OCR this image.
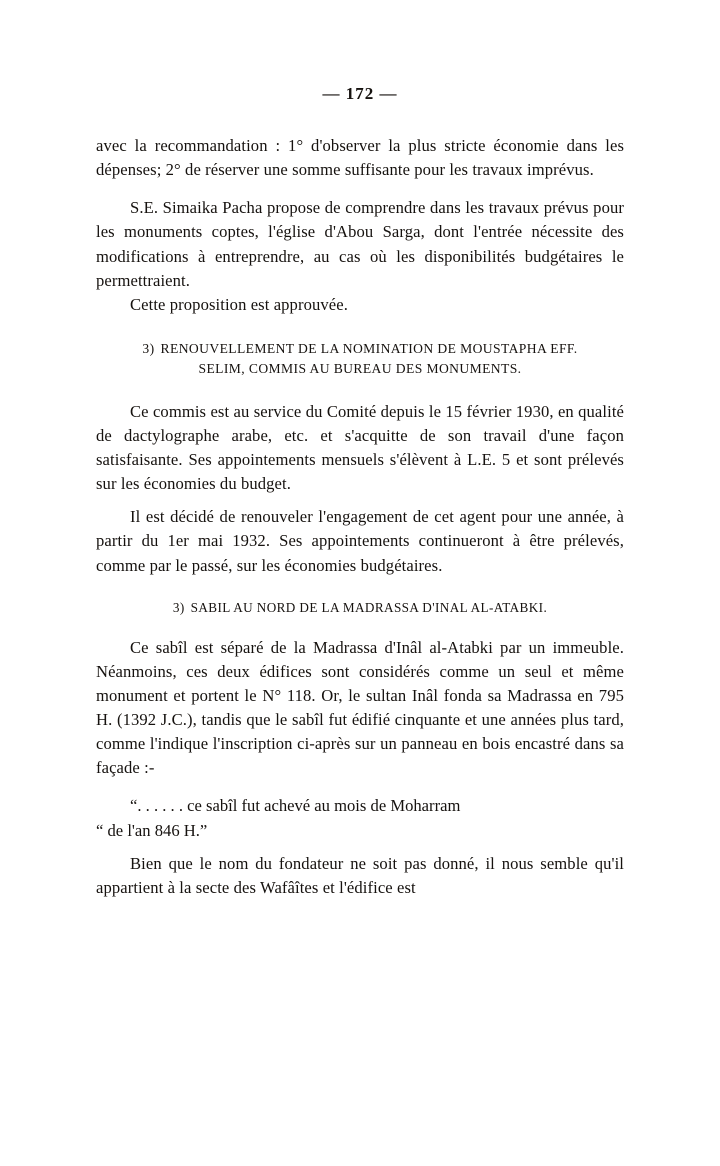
— 172 —

avec la recommandation : 1° d'observer la plus stricte économie dans les dépenses; 2° de réserver une somme suffisante pour les travaux imprévus.

S.E. Simaika Pacha propose de comprendre dans les travaux prévus pour les monuments coptes, l'église d'Abou Sarga, dont l'entrée nécessite des modifications à entreprendre, au cas où les disponibilités budgétaires le permettraient.

Cette proposition est approuvée.

3) RENOUVELLEMENT DE LA NOMINATION DE MOUSTAPHA EFF.
SELIM, COMMIS AU BUREAU DES MONUMENTS.

Ce commis est au service du Comité depuis le 15 février 1930, en qualité de dactylographe arabe, etc. et s'acquitte de son travail d'une façon satisfaisante. Ses appointements mensuels s'élèvent à L.E. 5 et sont prélevés sur les économies du budget.

Il est décidé de renouveler l'engagement de cet agent pour une année, à partir du 1er mai 1932. Ses appointements continueront à être prélevés, comme par le passé, sur les économies budgétaires.

3) SABIL AU NORD DE LA MADRASSA D'INAL AL-ATABKI.

Ce sabîl est séparé de la Madrassa d'Inâl al-Atabki par un immeuble. Néanmoins, ces deux édifices sont considérés comme un seul et même monument et portent le N° 118. Or, le sultan Inâl fonda sa Madrassa en 795 H. (1392 J.C.), tandis que le sabîl fut édifié cinquante et une années plus tard, comme l'indique l'inscription ci-après sur un panneau en bois encastré dans sa façade :-

“. . . . . . ce sabîl fut achevé au mois de Moharram
“ de l'an 846 H.”

Bien que le nom du fondateur ne soit pas donné, il nous semble qu'il appartient à la secte des Wafâîtes et l'édifice est
